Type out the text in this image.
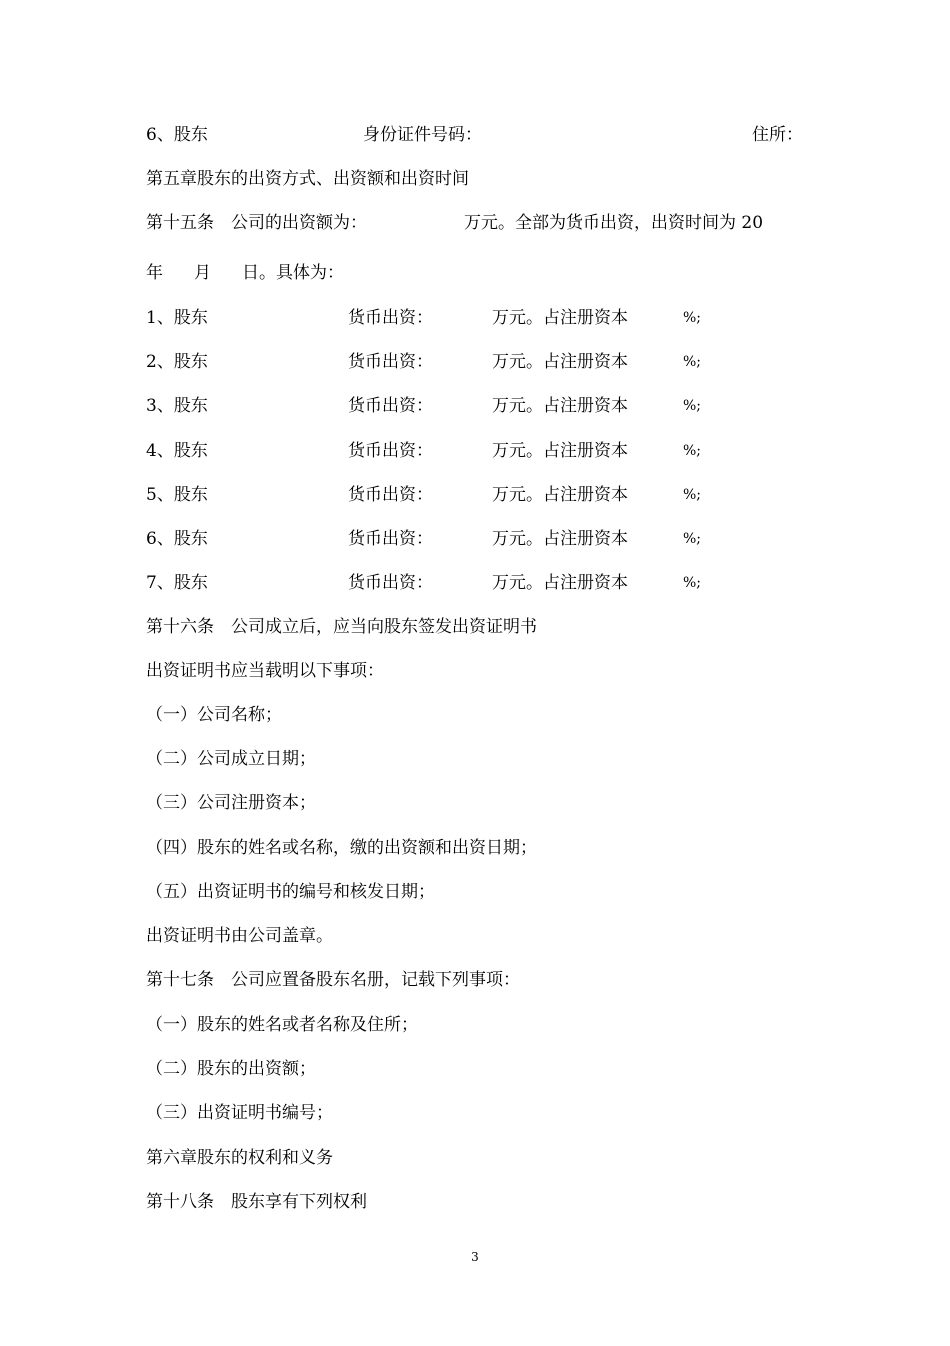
6、股东	身份证件号码：	住所：
第五章股东的出资方式、出资额和出资时间
第十五条　公司的出资额为：	万元。全部为货币出资，出资时间为 20
年 月 日。具体为：
1、股东	货币出资：	万元。占注册资本	%;
2、股东	货币出资：	万元。占注册资本	%;
3、股东	货币出资：	万元。占注册资本	%;
4、股东	货币出资：	万元。占注册资本	%;
5、股东	货币出资：	万元。占注册资本	%;
6、股东	货币出资：	万元。占注册资本	%;
7、股东	货币出资：	万元。占注册资本	%;
第十六条　公司成立后，应当向股东签发出资证明书
出资证明书应当载明以下事项：
（一）公司名称；
（二）公司成立日期；
（三）公司注册资本；
（四）股东的姓名或名称，缴的出资额和出资日期；
（五）出资证明书的编号和核发日期；
出资证明书由公司盖章。
第十七条　公司应置备股东名册，记载下列事项：
（一）股东的姓名或者名称及住所；
（二）股东的出资额；
（三）出资证明书编号；
第六章股东的权利和义务
第十八条　股东享有下列权利
3
